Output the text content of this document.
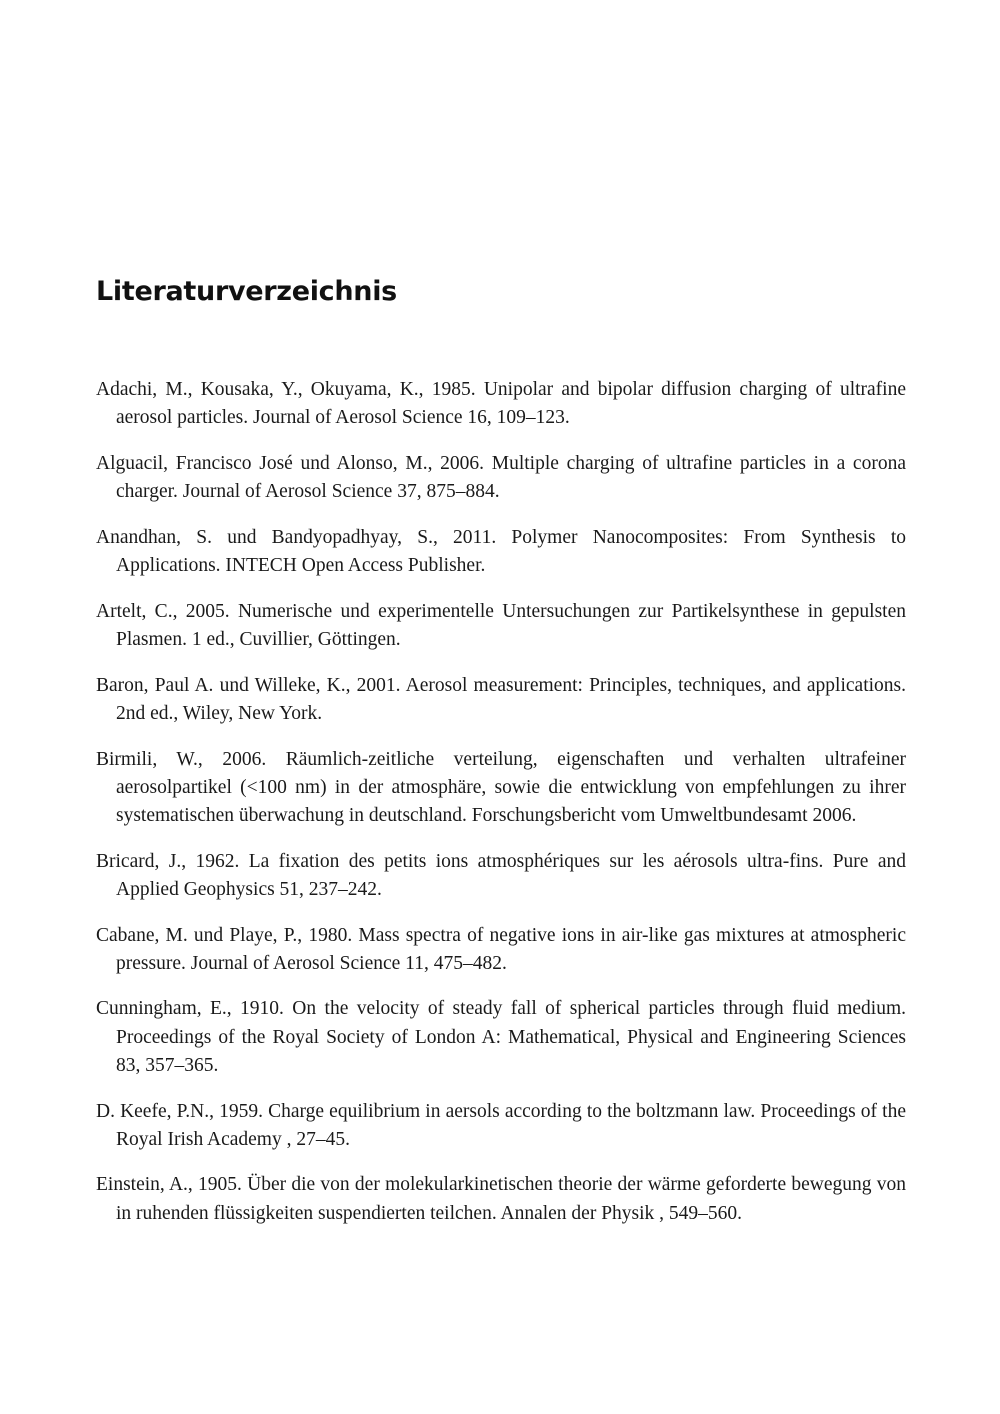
Literaturverzeichnis
Adachi, M., Kousaka, Y., Okuyama, K., 1985. Unipolar and bipolar diffusion charging of ultrafine aerosol particles. Journal of Aerosol Science 16, 109–123.
Alguacil, Francisco José und Alonso, M., 2006. Multiple charging of ultrafine particles in a corona charger. Journal of Aerosol Science 37, 875–884.
Anandhan, S. und Bandyopadhyay, S., 2011. Polymer Nanocomposites: From Synthesis to Applications. INTECH Open Access Publisher.
Artelt, C., 2005. Numerische und experimentelle Untersuchungen zur Partikelsynthese in gepulsten Plasmen. 1 ed., Cuvillier, Göttingen.
Baron, Paul A. und Willeke, K., 2001. Aerosol measurement: Principles, techniques, and applications. 2nd ed., Wiley, New York.
Birmili, W., 2006. Räumlich-zeitliche verteilung, eigenschaften und verhalten ultrafeiner aerosolpartikel (<100 nm) in der atmosphäre, sowie die entwicklung von empfehlungen zu ihrer systematischen überwachung in deutschland. Forschungsbericht vom Umweltbundesamt 2006.
Bricard, J., 1962. La fixation des petits ions atmosphériques sur les aérosols ultra-fins. Pure and Applied Geophysics 51, 237–242.
Cabane, M. und Playe, P., 1980. Mass spectra of negative ions in air-like gas mixtures at atmospheric pressure. Journal of Aerosol Science 11, 475–482.
Cunningham, E., 1910. On the velocity of steady fall of spherical particles through fluid medium. Proceedings of the Royal Society of London A: Mathematical, Physical and Engineering Sciences 83, 357–365.
D. Keefe, P.N., 1959. Charge equilibrium in aersols according to the boltzmann law. Proceedings of the Royal Irish Academy , 27–45.
Einstein, A., 1905. Über die von der molekularkinetischen theorie der wärme geforderte bewegung von in ruhenden flüssigkeiten suspendierten teilchen. Annalen der Physik , 549–560.
